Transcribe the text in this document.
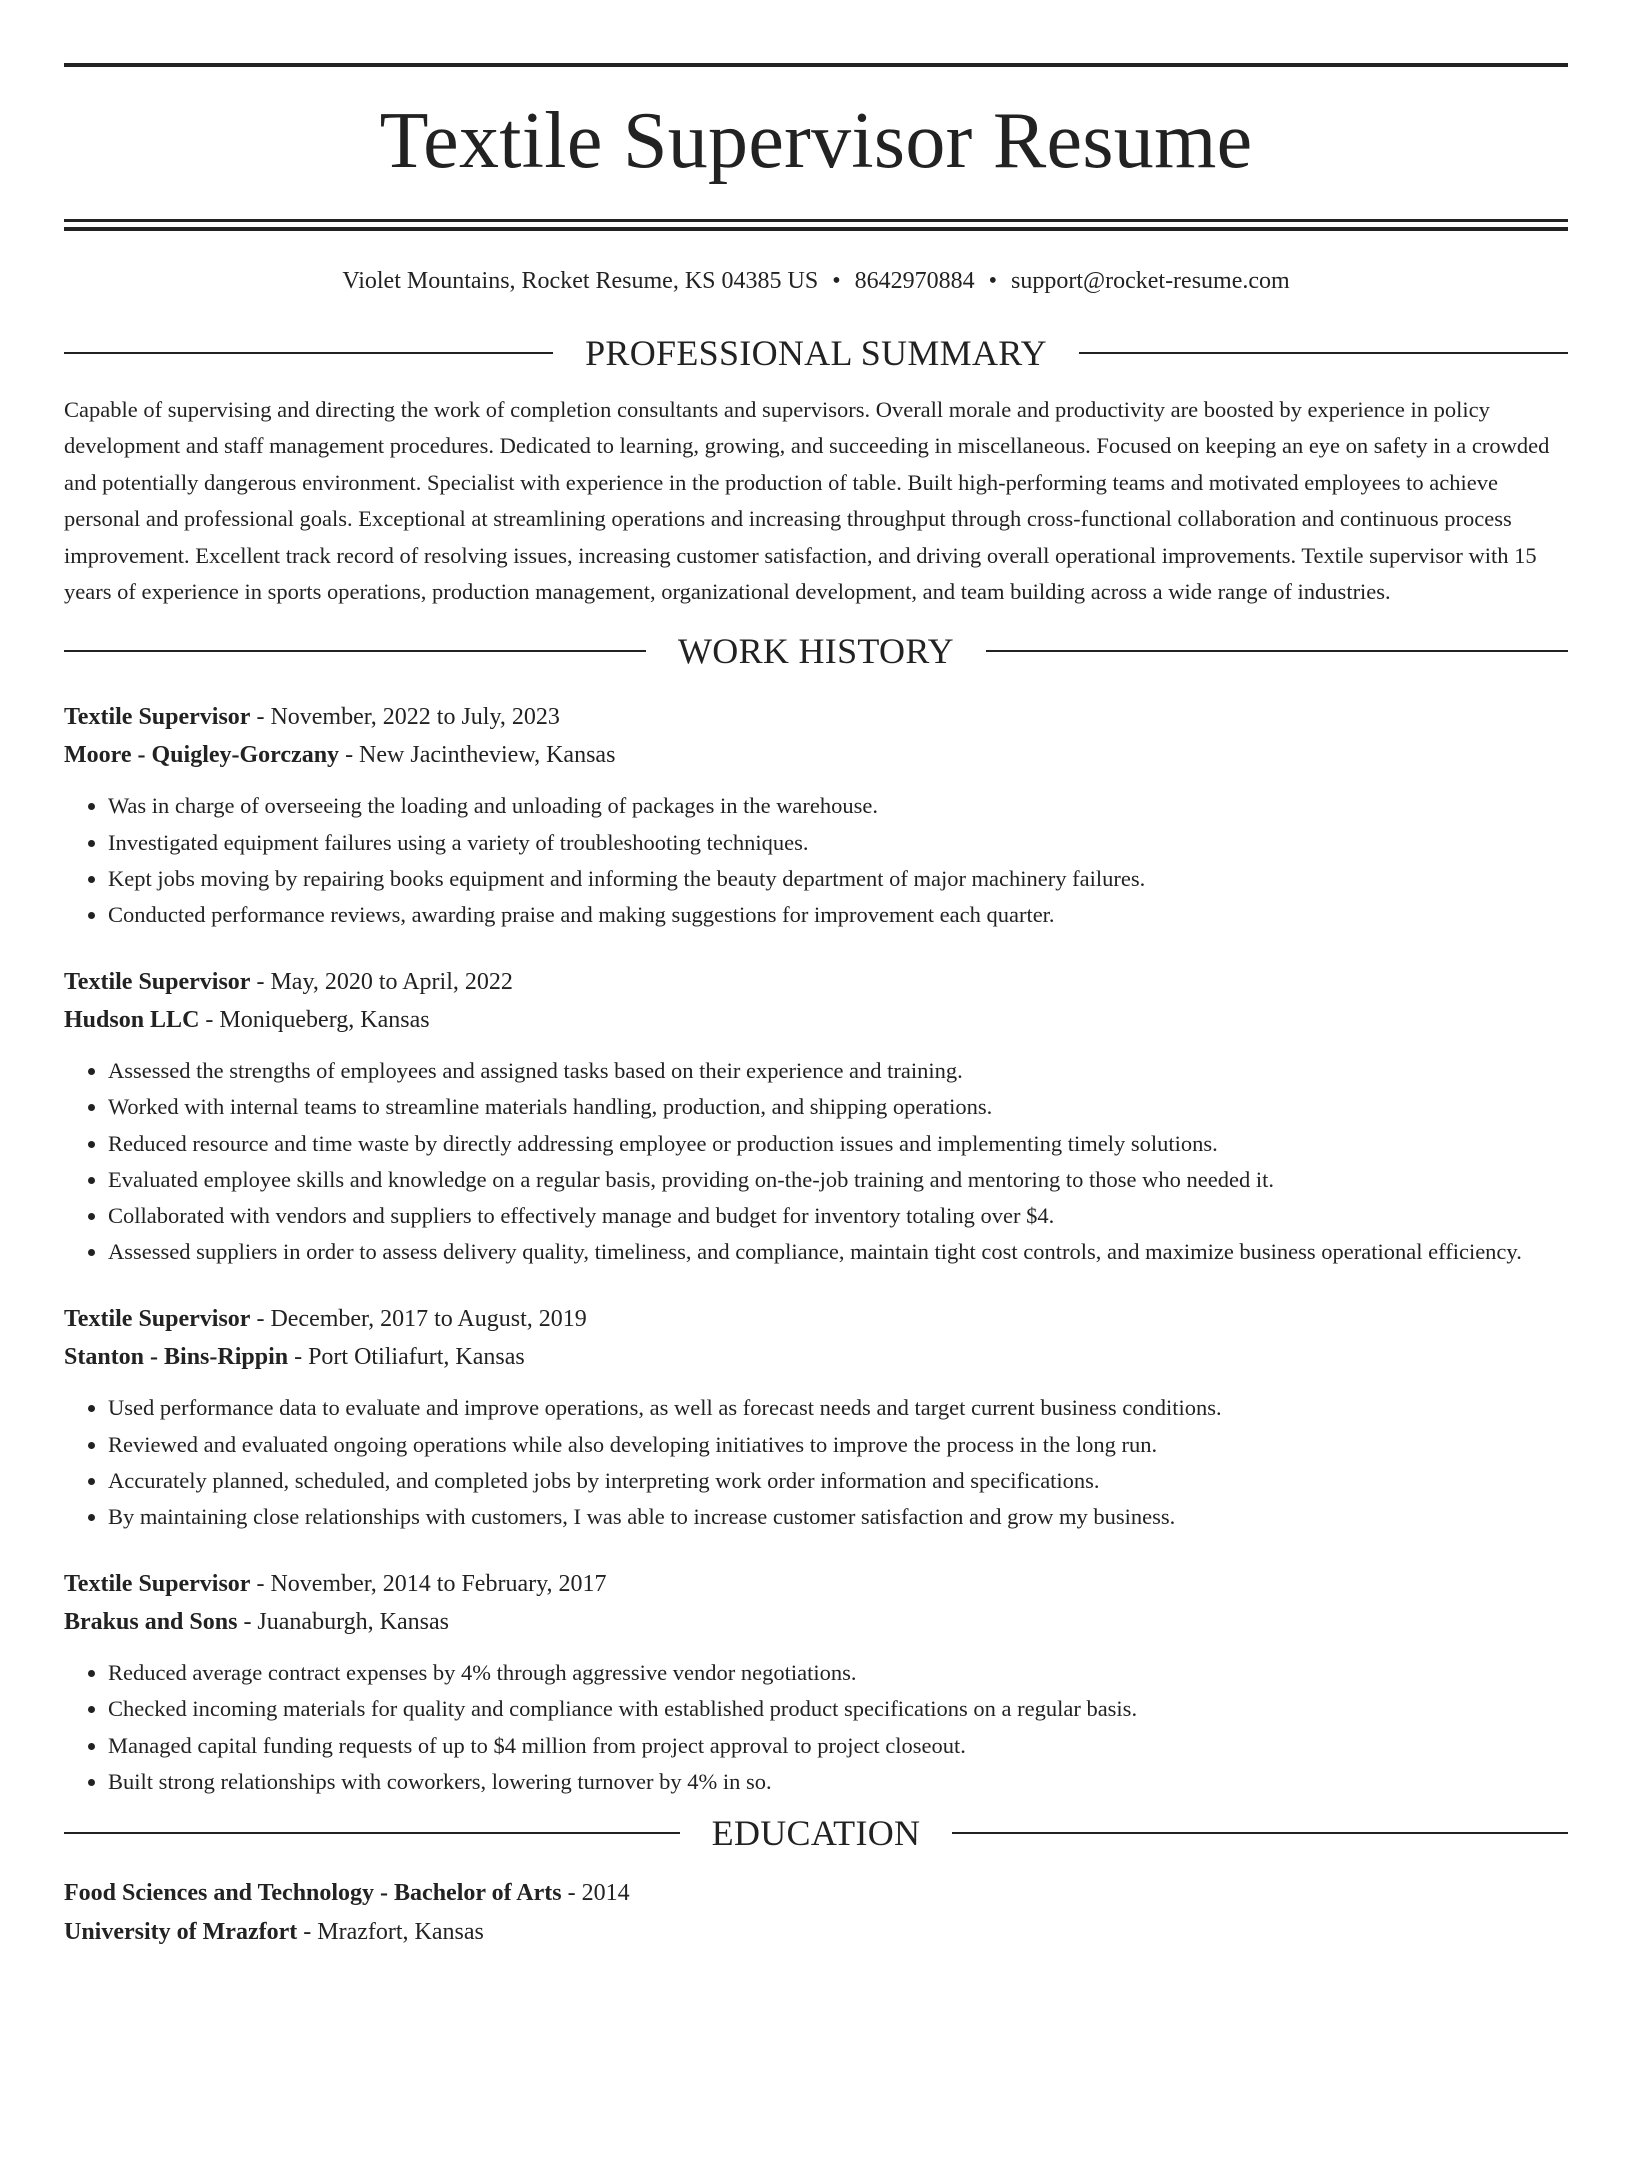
Textile Supervisor Resume
Violet Mountains, Rocket Resume, KS 04385 US • 8642970884 • support@rocket-resume.com
PROFESSIONAL SUMMARY
Capable of supervising and directing the work of completion consultants and supervisors. Overall morale and productivity are boosted by experience in policy development and staff management procedures. Dedicated to learning, growing, and succeeding in miscellaneous. Focused on keeping an eye on safety in a crowded and potentially dangerous environment. Specialist with experience in the production of table. Built high-performing teams and motivated employees to achieve personal and professional goals. Exceptional at streamlining operations and increasing throughput through cross-functional collaboration and continuous process improvement. Excellent track record of resolving issues, increasing customer satisfaction, and driving overall operational improvements. Textile supervisor with 15 years of experience in sports operations, production management, organizational development, and team building across a wide range of industries.
WORK HISTORY
Textile Supervisor - November, 2022 to July, 2023
Moore - Quigley-Gorczany - New Jacintheview, Kansas
• Was in charge of overseeing the loading and unloading of packages in the warehouse.
• Investigated equipment failures using a variety of troubleshooting techniques.
• Kept jobs moving by repairing books equipment and informing the beauty department of major machinery failures.
• Conducted performance reviews, awarding praise and making suggestions for improvement each quarter.
Textile Supervisor - May, 2020 to April, 2022
Hudson LLC - Moniqueberg, Kansas
• Assessed the strengths of employees and assigned tasks based on their experience and training.
• Worked with internal teams to streamline materials handling, production, and shipping operations.
• Reduced resource and time waste by directly addressing employee or production issues and implementing timely solutions.
• Evaluated employee skills and knowledge on a regular basis, providing on-the-job training and mentoring to those who needed it.
• Collaborated with vendors and suppliers to effectively manage and budget for inventory totaling over $4.
• Assessed suppliers in order to assess delivery quality, timeliness, and compliance, maintain tight cost controls, and maximize business operational efficiency.
Textile Supervisor - December, 2017 to August, 2019
Stanton - Bins-Rippin - Port Otiliafurt, Kansas
• Used performance data to evaluate and improve operations, as well as forecast needs and target current business conditions.
• Reviewed and evaluated ongoing operations while also developing initiatives to improve the process in the long run.
• Accurately planned, scheduled, and completed jobs by interpreting work order information and specifications.
• By maintaining close relationships with customers, I was able to increase customer satisfaction and grow my business.
Textile Supervisor - November, 2014 to February, 2017
Brakus and Sons - Juanaburgh, Kansas
• Reduced average contract expenses by 4% through aggressive vendor negotiations.
• Checked incoming materials for quality and compliance with established product specifications on a regular basis.
• Managed capital funding requests of up to $4 million from project approval to project closeout.
• Built strong relationships with coworkers, lowering turnover by 4% in so.
EDUCATION
Food Sciences and Technology - Bachelor of Arts - 2014
University of Mrazfort - Mrazfort, Kansas
